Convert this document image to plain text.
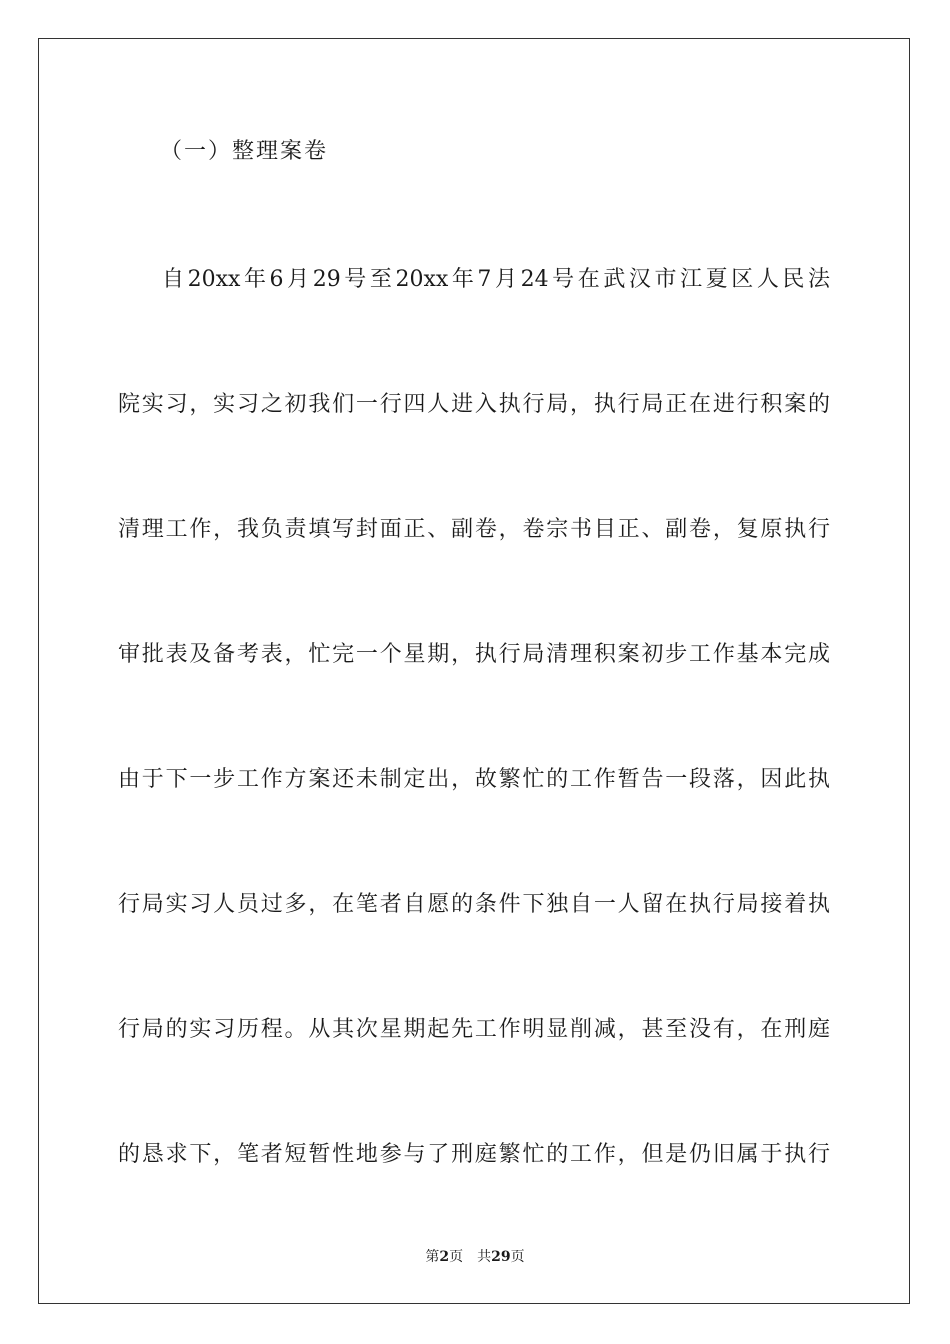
（一）整理案卷
自20xx年6月29号至20xx年7月24号在武汉市江夏区人民法
院实习，实习之初我们一行四人进入执行局，执行局正在进行积案的
清理工作，我负责填写封面正、副卷，卷宗书目正、副卷，复原执行
审批表及备考表，忙完一个星期，执行局清理积案初步工作基本完成
由于下一步工作方案还未制定出，故繁忙的工作暂告一段落，因此执
行局实习人员过多，在笔者自愿的条件下独自一人留在执行局接着执
行局的实习历程。从其次星期起先工作明显削减，甚至没有，在刑庭
的恳求下，笔者短暂性地参与了刑庭繁忙的工作，但是仍旧属于执行
第2页 共29页
